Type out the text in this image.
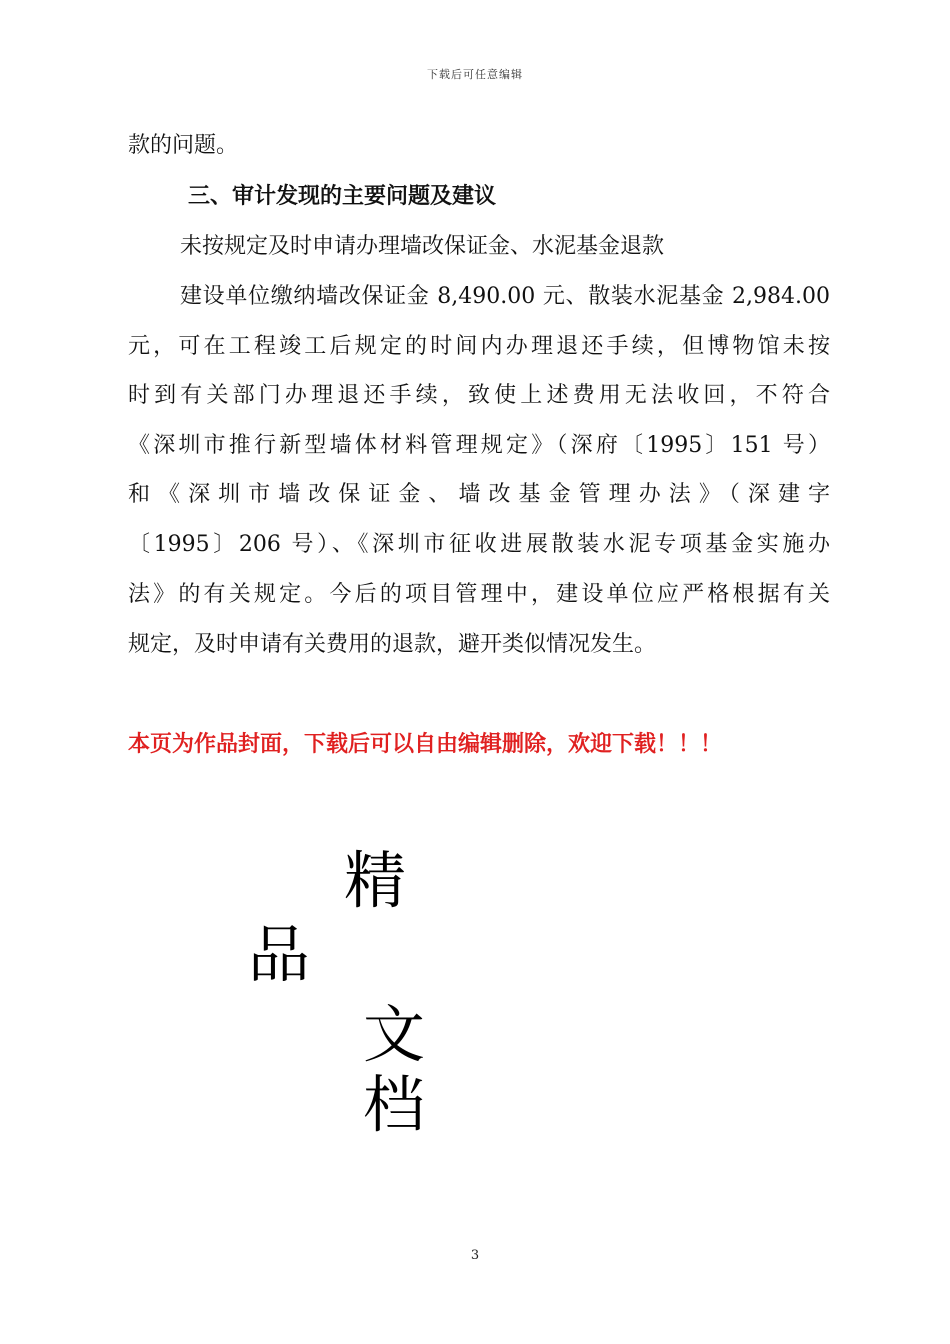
下载后可任意编辑
款的问题。
三、审计发现的主要问题及建议
未按规定及时申请办理墙改保证金、水泥基金退款
建设单位缴纳墙改保证金 8,490.00 元、散装水泥基金 2,984.00
元，可在工程竣工后规定的时间内办理退还手续，但博物馆未按
时到有关部门办理退还手续，致使上述费用无法收回，不符合
《深圳市推行新型墙体材料管理规定》（深府〔1995〕151 号）
和《深圳市墙改保证金、墙改基金管理办法》（深建字
〔1995〕206 号）、《深圳市征收进展散装水泥专项基金实施办
法》的有关规定。今后的项目管理中，建设单位应严格根据有关
规定，及时申请有关费用的退款，避开类似情况发生。
本页为作品封面，下载后可以自由编辑删除，欢迎下载！！！
精
品
文
档
3
